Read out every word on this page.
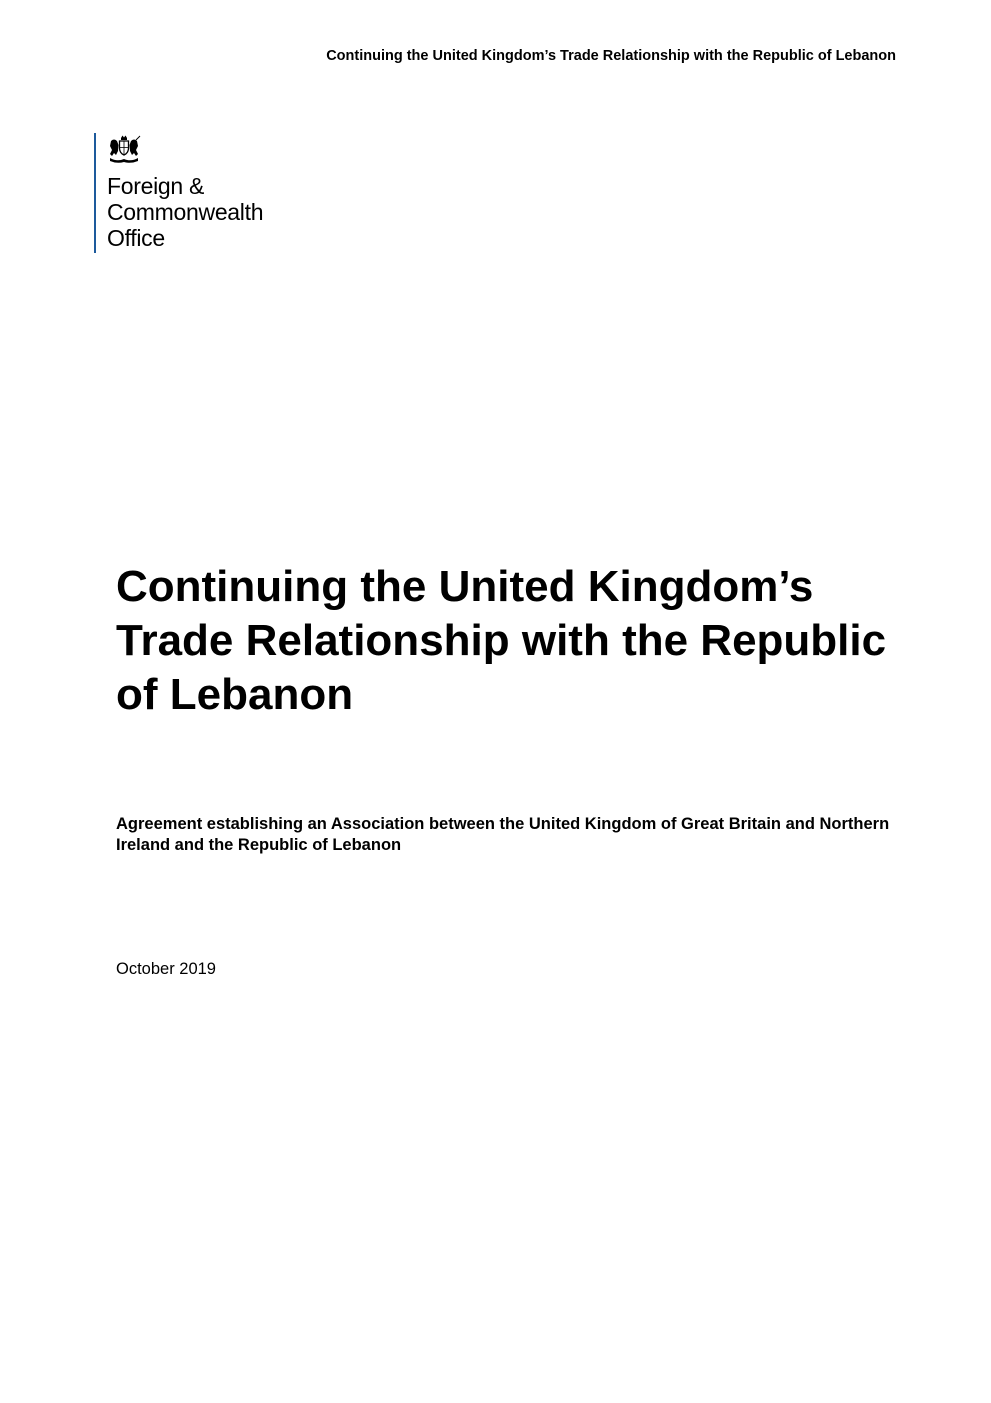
Continuing the United Kingdom’s Trade Relationship with the Republic of Lebanon
Foreign &
Commonwealth
Office
Continuing the United Kingdom’s Trade Relationship with the Republic of Lebanon

Agreement establishing an Association between the United Kingdom of Great Britain and Northern Ireland and the Republic of Lebanon

October 2019
